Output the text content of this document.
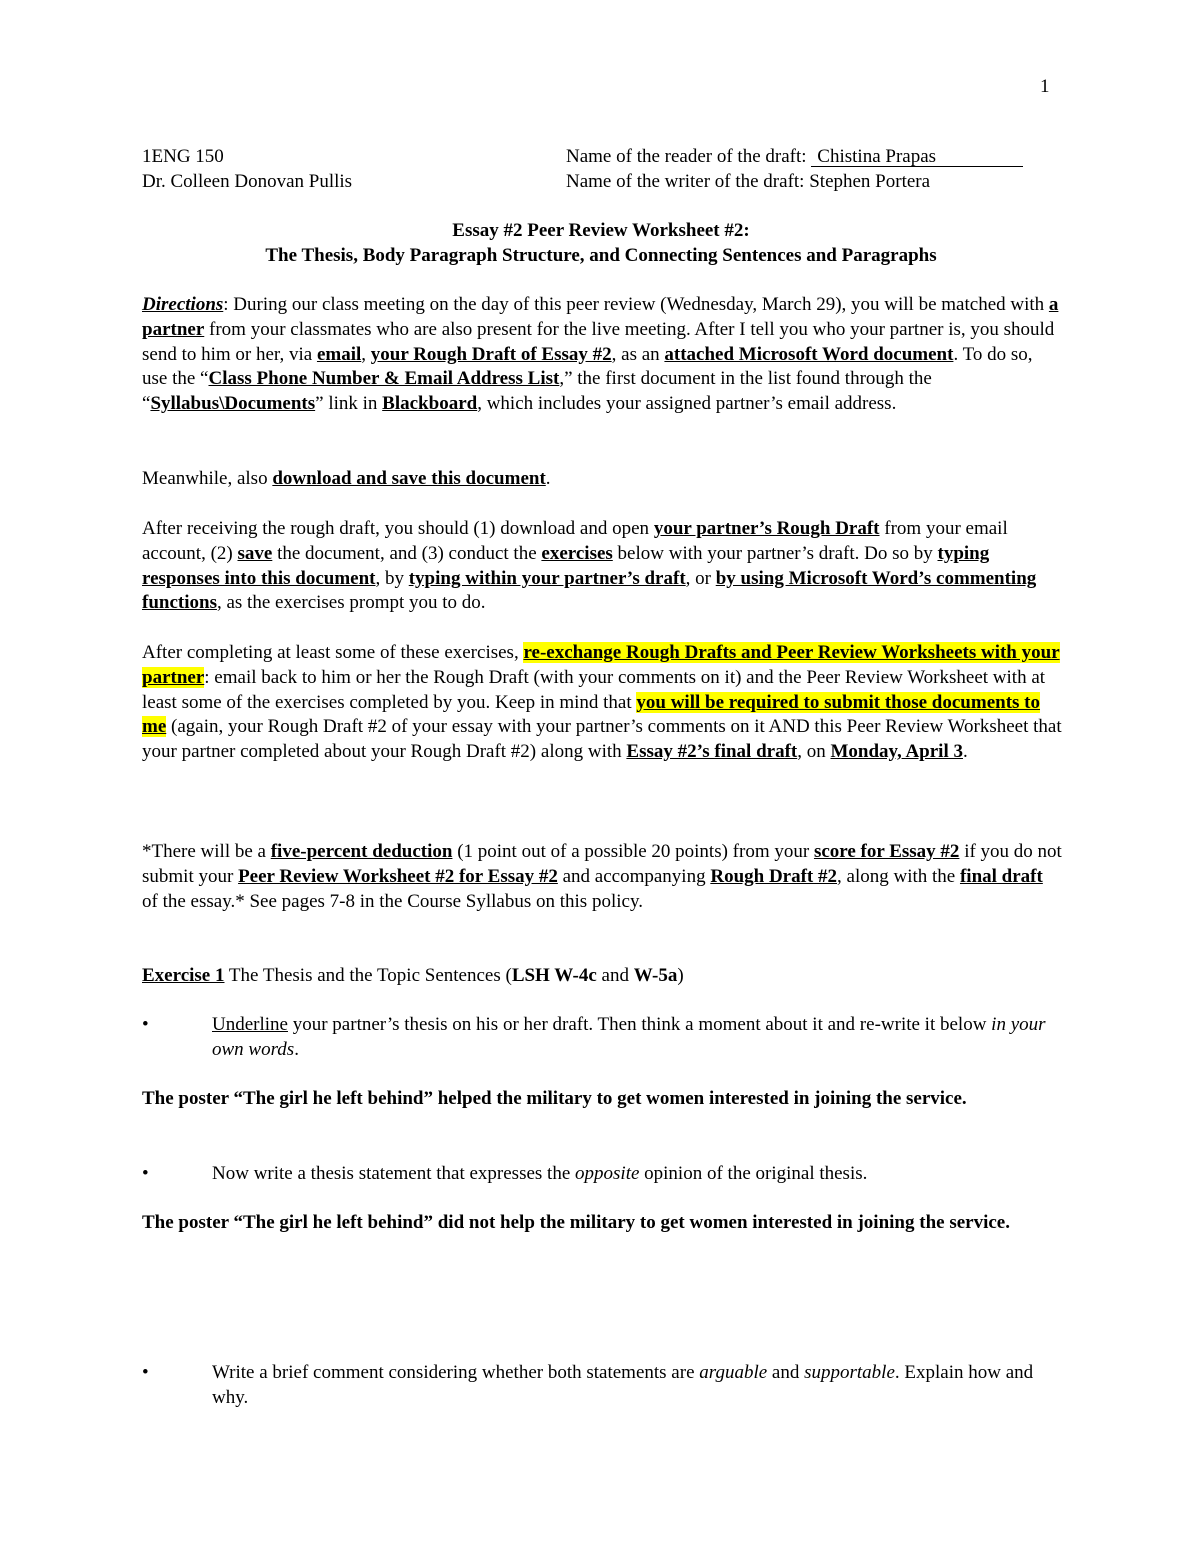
1
1ENG 150	Name of the reader of the draft: Chistina Prapas
Dr. Colleen Donovan Pullis	Name of the writer of the draft: Stephen Portera
Essay #2 Peer Review Worksheet #2:
The Thesis, Body Paragraph Structure, and Connecting Sentences and Paragraphs
Directions: During our class meeting on the day of this peer review (Wednesday, March 29), you will be matched with a partner from your classmates who are also present for the live meeting. After I tell you who your partner is, you should send to him or her, via email, your Rough Draft of Essay #2, as an attached Microsoft Word document. To do so, use the “Class Phone Number & Email Address List,” the first document in the list found through the “Syllabus\Documents” link in Blackboard, which includes your assigned partner’s email address.
Meanwhile, also download and save this document.
After receiving the rough draft, you should (1) download and open your partner’s Rough Draft from your email account, (2) save the document, and (3) conduct the exercises below with your partner’s draft. Do so by typing responses into this document, by typing within your partner’s draft, or by using Microsoft Word’s commenting functions, as the exercises prompt you to do.
After completing at least some of these exercises, re-exchange Rough Drafts and Peer Review Worksheets with your partner: email back to him or her the Rough Draft (with your comments on it) and the Peer Review Worksheet with at least some of the exercises completed by you. Keep in mind that you will be required to submit those documents to me (again, your Rough Draft #2 of your essay with your partner’s comments on it AND this Peer Review Worksheet that your partner completed about your Rough Draft #2) along with Essay #2’s final draft, on Monday, April 3.
*There will be a five-percent deduction (1 point out of a possible 20 points) from your score for Essay #2 if you do not submit your Peer Review Worksheet #2 for Essay #2 and accompanying Rough Draft #2, along with the final draft of the essay.* See pages 7-8 in the Course Syllabus on this policy.
Exercise 1 The Thesis and the Topic Sentences (LSH W-4c and W-5a)
•	Underline your partner’s thesis on his or her draft. Then think a moment about it and re-write it below in your own words.
The poster “The girl he left behind” helped the military to get women interested in joining the service.
•	Now write a thesis statement that expresses the opposite opinion of the original thesis.
The poster “The girl he left behind” did not help the military to get women interested in joining the service.
•	Write a brief comment considering whether both statements are arguable and supportable. Explain how and why.
